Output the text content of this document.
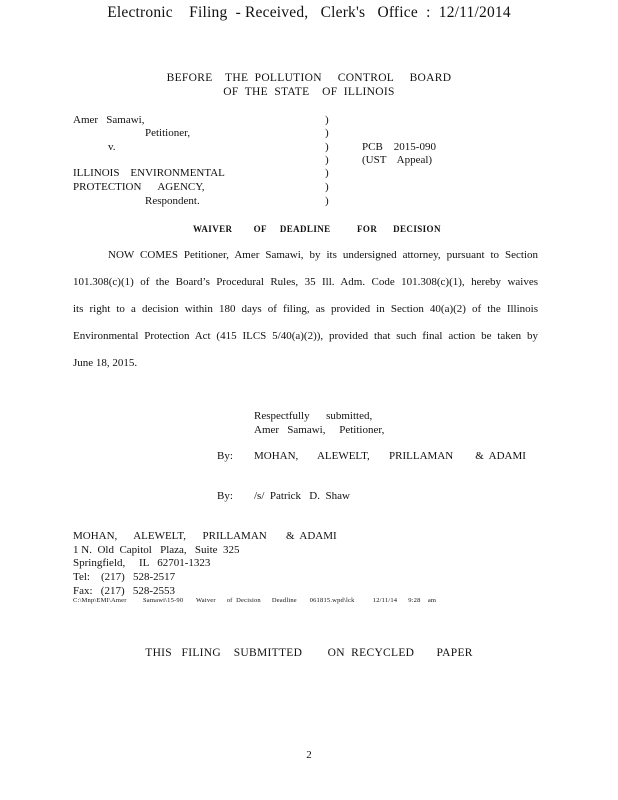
Electronic    Filing  - Received,   Clerk's   Office  :  12/11/2014
BEFORE    THE  POLLUTION     CONTROL     BOARD
OF  THE  STATE    OF  ILLINOIS
Amer   Samawi,
Petitioner,
v.
ILLINOIS    ENVIRONMENTAL
PROTECTION      AGENCY,
Respondent.
)
)
)
)
)
)
)
PCB    2015-090
(UST    Appeal)
WAIVER        OF     DEADLINE          FOR      DECISION
NOW COMES Petitioner, Amer Samawi, by its undersigned attorney, pursuant to Section
101.308(c)(1) of the Board’s Procedural Rules, 35 Ill. Adm. Code 101.308(c)(1), hereby waives
its right to a decision within 180 days of filing, as provided in Section 40(a)(2) of the Illinois
Environmental Protection Act (415 ILCS 5/40(a)(2)), provided that such final action be taken by
June 18, 2015.
Respectfully      submitted,
Amer   Samawi,     Petitioner,
By: MOHAN,       ALEWELT,       PRILLAMAN        &  ADAMI
By: /s/  Patrick   D.  Shaw
MOHAN,      ALEWELT,      PRILLAMAN       &  ADAMI
1 N.  Old  Capitol   Plaza,   Suite  325
Springfield,     IL   62701-1323
Tel:    (217)   528-2517
Fax:   (217)   528-2553
C:\Mnp\EMI\Amer         Samawi\15-90       Waiver      of  Decision      Deadline       061815.wpd\lck          12/11/14      9:28    am
THIS   FILING    SUBMITTED        ON  RECYCLED       PAPER
2
